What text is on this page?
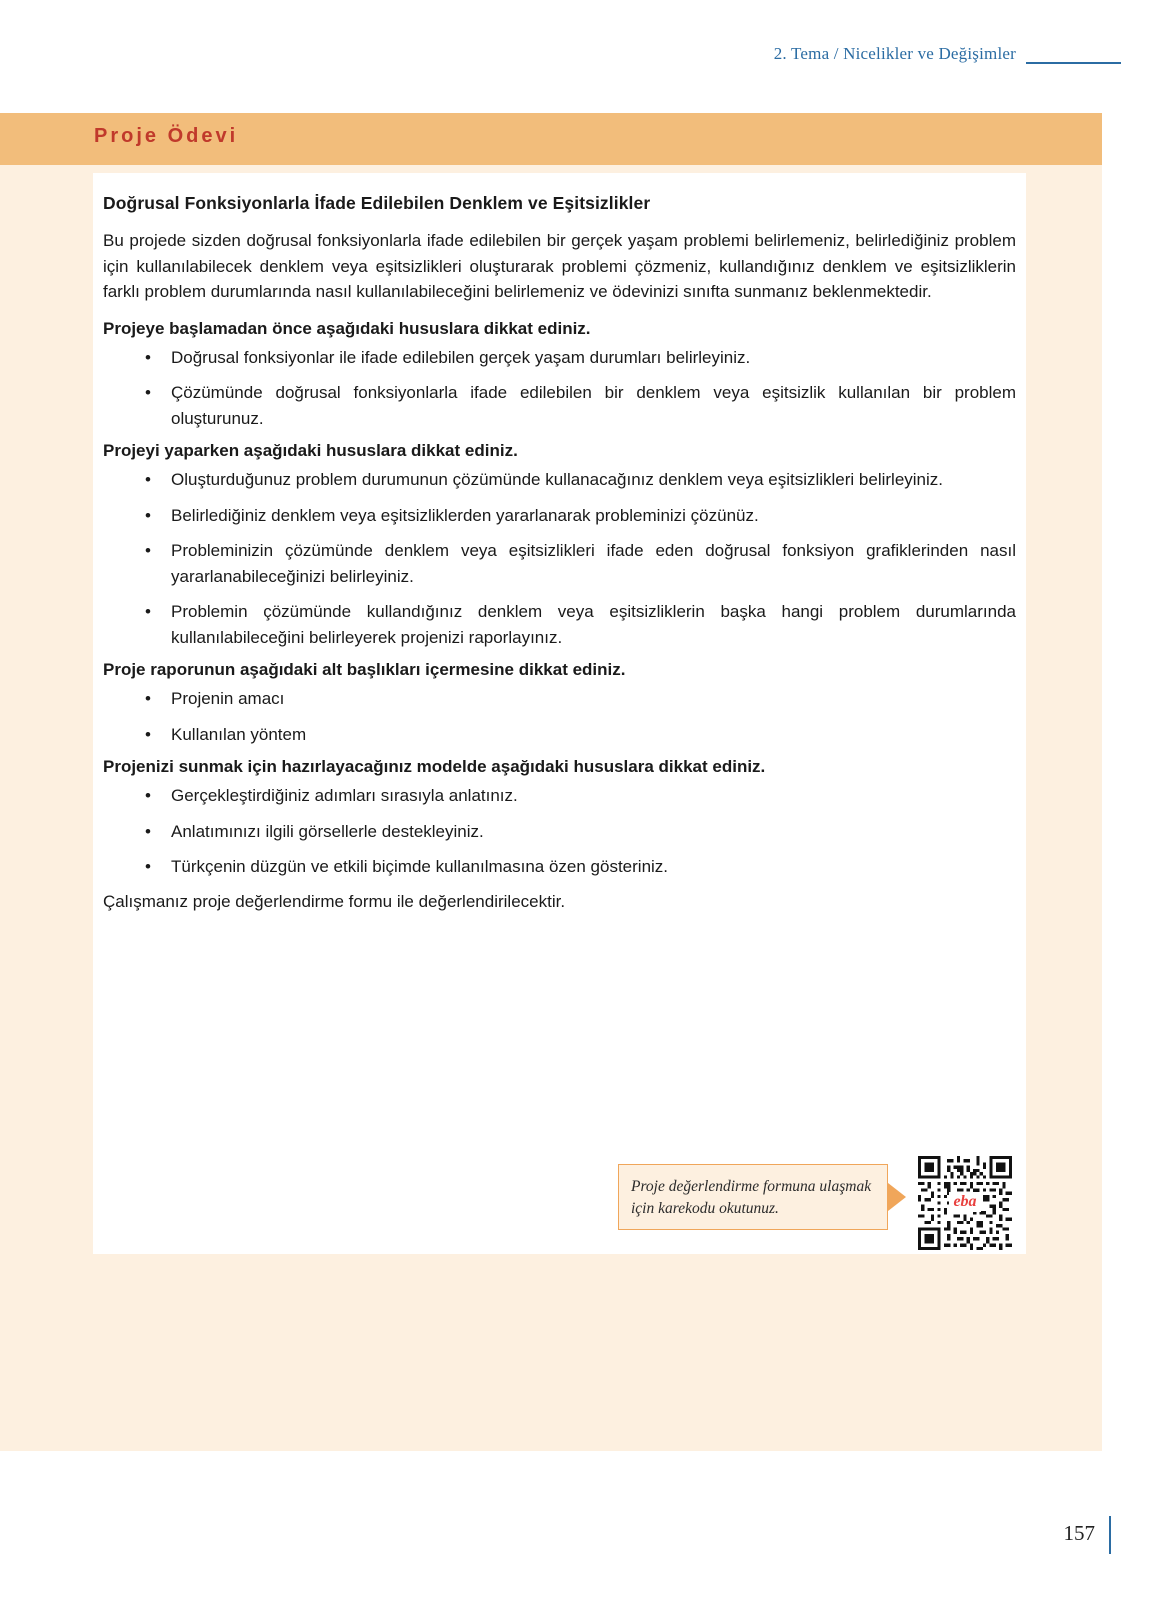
2. Tema / Nicelikler ve Değişimler
Proje Ödevi
Doğrusal Fonksiyonlarla İfade Edilebilen Denklem ve Eşitsizlikler

Bu projede sizden doğrusal fonksiyonlarla ifade edilebilen bir gerçek yaşam problemi belirlemeniz, belirlediğiniz problem için kullanılabilecek denklem veya eşitsizlikleri oluşturarak problemi çözmeniz, kullandığınız denklem ve eşitsizliklerin farklı problem durumlarında nasıl kullanılabileceğini belirlemeniz ve ödevinizi sınıfta sunmanız beklenmektedir.

Projeye başlamadan önce aşağıdaki hususlara dikkat ediniz.
• Doğrusal fonksiyonlar ile ifade edilebilen gerçek yaşam durumları belirleyiniz.
• Çözümünde doğrusal fonksiyonlarla ifade edilebilen bir denklem veya eşitsizlik kullanılan bir problem oluşturunuz.
Projeyi yaparken aşağıdaki hususlara dikkat ediniz.
• Oluşturduğunuz problem durumunun çözümünde kullanacağınız denklem veya eşitsizlikleri belirleyiniz.
• Belirlediğiniz denklem veya eşitsizliklerden yararlanarak probleminizi çözünüz.
• Probleminizin çözümünde denklem veya eşitsizlikleri ifade eden doğrusal fonksiyon grafiklerinden nasıl yararlanabileceğinizi belirleyiniz.
• Problemin çözümünde kullandığınız denklem veya eşitsizliklerin başka hangi problem durumlarında kullanılabileceğini belirleyerek projenizi raporlayınız.
Proje raporunun aşağıdaki alt başlıkları içermesine dikkat ediniz.
• Projenin amacı
• Kullanılan yöntem
Projenizi sunmak için hazırlayacağınız modelde aşağıdaki hususlara dikkat ediniz.
• Gerçekleştirdiğiniz adımları sırasıyla anlatınız.
• Anlatımınızı ilgili görsellerle destekleyiniz.
• Türkçenin düzgün ve etkili biçimde kullanılmasına özen gösteriniz.

Çalışmanız proje değerlendirme formu ile değerlendirilecektir.

Proje değerlendirme formuna ulaşmak için karekodu okutunuz.	eba
157
